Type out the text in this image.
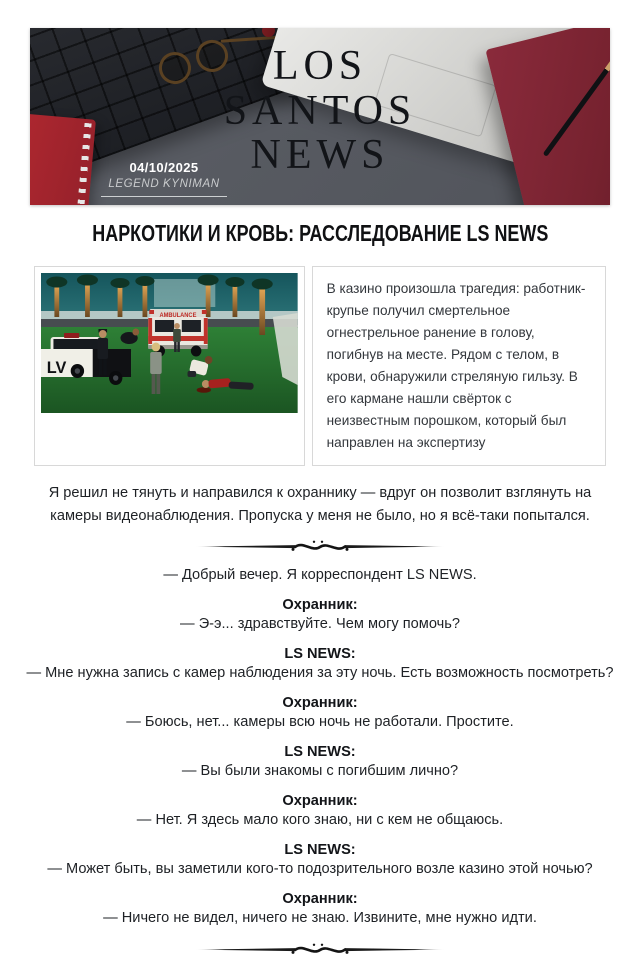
LOS
SANTOS
NEWS
04/10/2025
LEGEND KYNIMAN
НАРКОТИКИ И КРОВЬ: РАССЛЕДОВАНИЕ LS NEWS
AMBULANCE
LV
В казино произошла трагедия: работник-крупье получил смертельное огнестрельное ранение в голову, погибнув на месте. Рядом с телом, в крови, обнаружили стреляную гильзу. В его кармане нашли свёрток с неизвестным порошком, который был направлен на экспертизу

Я решил не тянуть и направился к охраннику — вдруг он позволит взглянуть на камеры видеонаблюдения. Пропуска у меня не было, но я всё-таки попытался.

— Добрый вечер. Я корреспондент LS NEWS.

Охранник:
— Э-э... здравствуйте. Чем могу помочь?
LS NEWS:
— Мне нужна запись с камер наблюдения за эту ночь. Есть возможность посмотреть?
Охранник:
— Боюсь, нет... камеры всю ночь не работали. Простите.
LS NEWS:
— Вы были знакомы с погибшим лично?
Охранник:
— Нет. Я здесь мало кого знаю, ни с кем не общаюсь.
LS NEWS:
— Может быть, вы заметили кого-то подозрительного возле казино этой ночью?
Охранник:
— Ничего не видел, ничего не знаю. Извините, мне нужно идти.
